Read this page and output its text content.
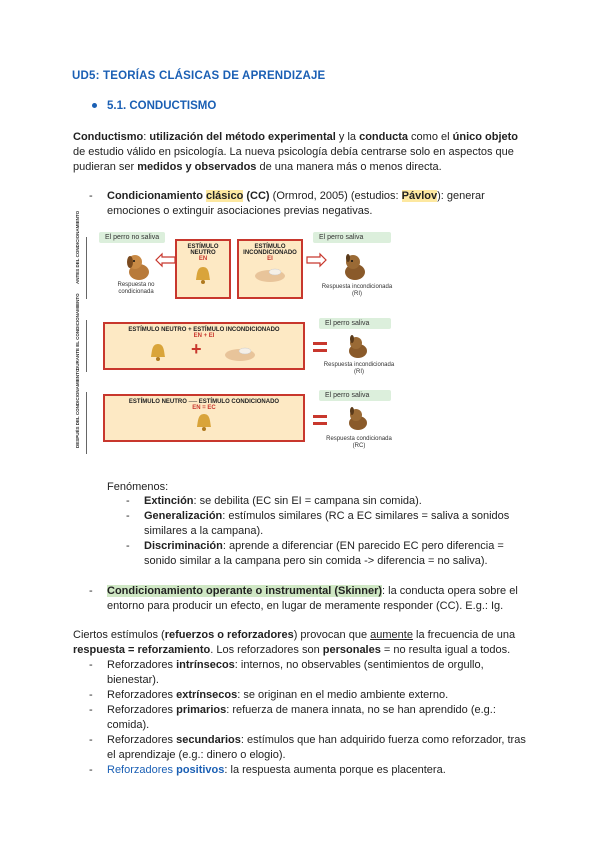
UD5: TEORÍAS CLÁSICAS DE APRENDIZAJE
5.1. CONDUCTISMO
Conductismo: utilización del método experimental y la conducta como el único objeto de estudio válido en psicología. La nueva psicología debía centrarse solo en aspectos que pudieran ser medidos y observados de una manera más o menos directa.
- Condicionamiento clásico (CC) (Ormrod, 2005) (estudios: Pávlov): generar emociones o extinguir asociaciones previas negativas.
ANTES DEL CONDICIONAMIENTO
DURANTE EL CONDICIONAMIENTO
DESPUÉS DEL CONDICIONAMIENTO
El perro no saliva
Respuesta no condicionada
ESTÍMULO NEUTRO
EN
ESTÍMULO INCONDICIONADO
EI
El perro saliva
Respuesta incondicionada (RI)
ESTÍMULO NEUTRO + ESTÍMULO INCONDICIONADO
EN + EI
+
El perro saliva
Respuesta incondicionada (RI)
ESTÍMULO NEUTRO ── ESTÍMULO CONDICIONADO
EN = EC
El perro saliva
Respuesta condicionada (RC)
Fenómenos:
- Extinción: se debilita (EC sin EI = campana sin comida).
- Generalización: estímulos similares (RC a EC similares = saliva a sonidos similares a la campana).
- Discriminación: aprende a diferenciar (EN parecido EC pero diferencia = sonido similar a la campana pero sin comida -> diferencia = no saliva).
- Condicionamiento operante o instrumental (Skinner): la conducta opera sobre el entorno para producir un efecto, en lugar de meramente responder (CC). E.g.: Ig.
Ciertos estímulos (refuerzos o reforzadores) provocan que aumente la frecuencia de una respuesta = reforzamiento. Los reforzadores son personales = no resulta igual a todos.
- Reforzadores intrínsecos: internos, no observables (sentimientos de orgullo, bienestar).
- Reforzadores extrínsecos: se originan en el medio ambiente externo.
- Reforzadores primarios: refuerza de manera innata, no se han aprendido (e.g.: comida).
- Reforzadores secundarios: estímulos que han adquirido fuerza como reforzador, tras el aprendizaje (e.g.: dinero o elogio).
- Reforzadores positivos: la respuesta aumenta porque es placentera.
